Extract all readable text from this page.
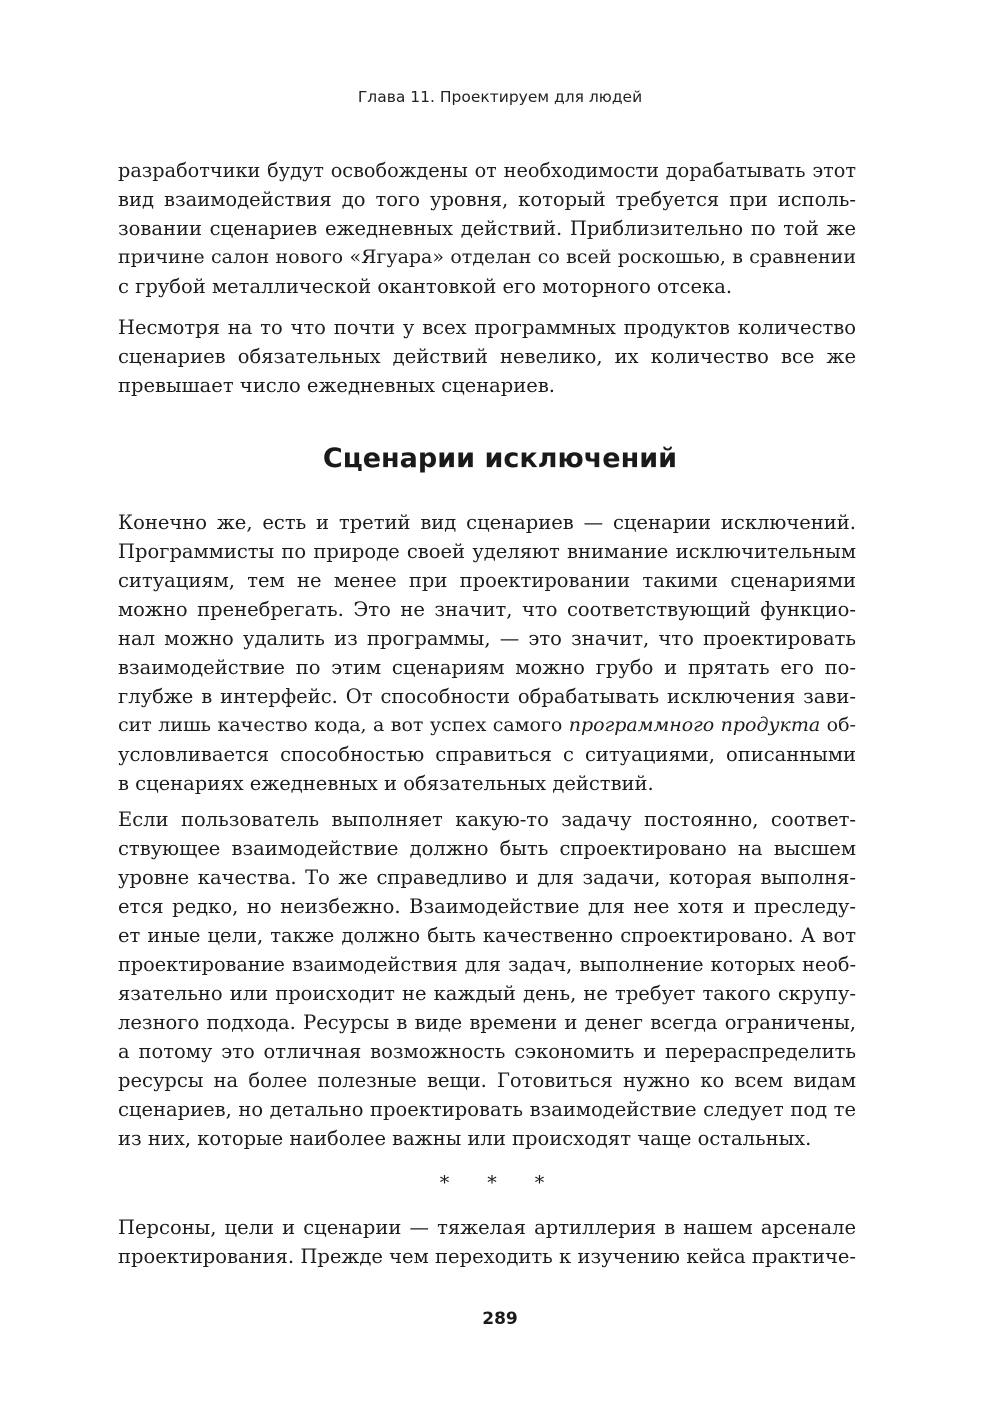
Глава 11. Проектируем для людей
разработчики будут освобождены от необходимости дорабатывать этот
вид взаимодействия до того уровня, который требуется при исполь-
зовании сценариев ежедневных действий. Приблизительно по той же
причине салон нового «Ягуара» отделан со всей роскошью, в сравнении
с грубой металлической окантовкой его моторного отсека.
Несмотря на то что почти у всех программных продуктов количество
сценариев обязательных действий невелико, их количество все же
превышает число ежедневных сценариев.
Сценарии исключений
Конечно же, есть и третий вид сценариев — сценарии исключений.
Программисты по природе своей уделяют внимание исключительным
ситуациям, тем не менее при проектировании такими сценариями
можно пренебрегать. Это не значит, что соответствующий функцио-
нал можно удалить из программы, — это значит, что проектировать
взаимодействие по этим сценариям можно грубо и прятать его по-
глубже в интерфейс. От способности обрабатывать исключения зави-
сит лишь качество кода, а вот успех самого программного продукта об-
условливается способностью справиться с ситуациями, описанными
в сценариях ежедневных и обязательных действий.
Если пользователь выполняет какую-то задачу постоянно, соответ-
ствующее взаимодействие должно быть спроектировано на высшем
уровне качества. То же справедливо и для задачи, которая выполня-
ется редко, но неизбежно. Взаимодействие для нее хотя и преследу-
ет иные цели, также должно быть качественно спроектировано. А вот
проектирование взаимодействия для задач, выполнение которых необ-
язательно или происходит не каждый день, не требует такого скрупу-
лезного подхода. Ресурсы в виде времени и денег всегда ограничены,
а потому это отличная возможность сэкономить и перераспределить
ресурсы на более полезные вещи. Готовиться нужно ко всем видам
сценариев, но детально проектировать взаимодействие следует под те
из них, которые наиболее важны или происходят чаще остальных.
* * *
Персоны, цели и сценарии — тяжелая артиллерия в нашем арсенале
проектирования. Прежде чем переходить к изучению кейса практиче-
289
